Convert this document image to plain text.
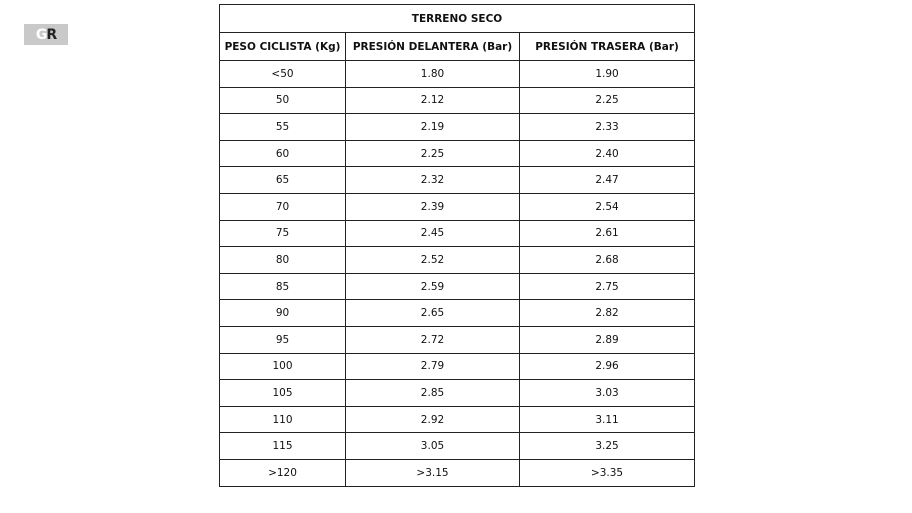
G R
TERRENO SECO		
PESO CICLISTA (Kg)	PRESIÓN DELANTERA (Bar)	PRESIÓN TRASERA (Bar)
<50	1.80	1.90
50	2.12	2.25
55	2.19	2.33
60	2.25	2.40
65	2.32	2.47
70	2.39	2.54
75	2.45	2.61
80	2.52	2.68
85	2.59	2.75
90	2.65	2.82
95	2.72	2.89
100	2.79	2.96
105	2.85	3.03
110	2.92	3.11
115	3.05	3.25
>120	>3.15	>3.35
